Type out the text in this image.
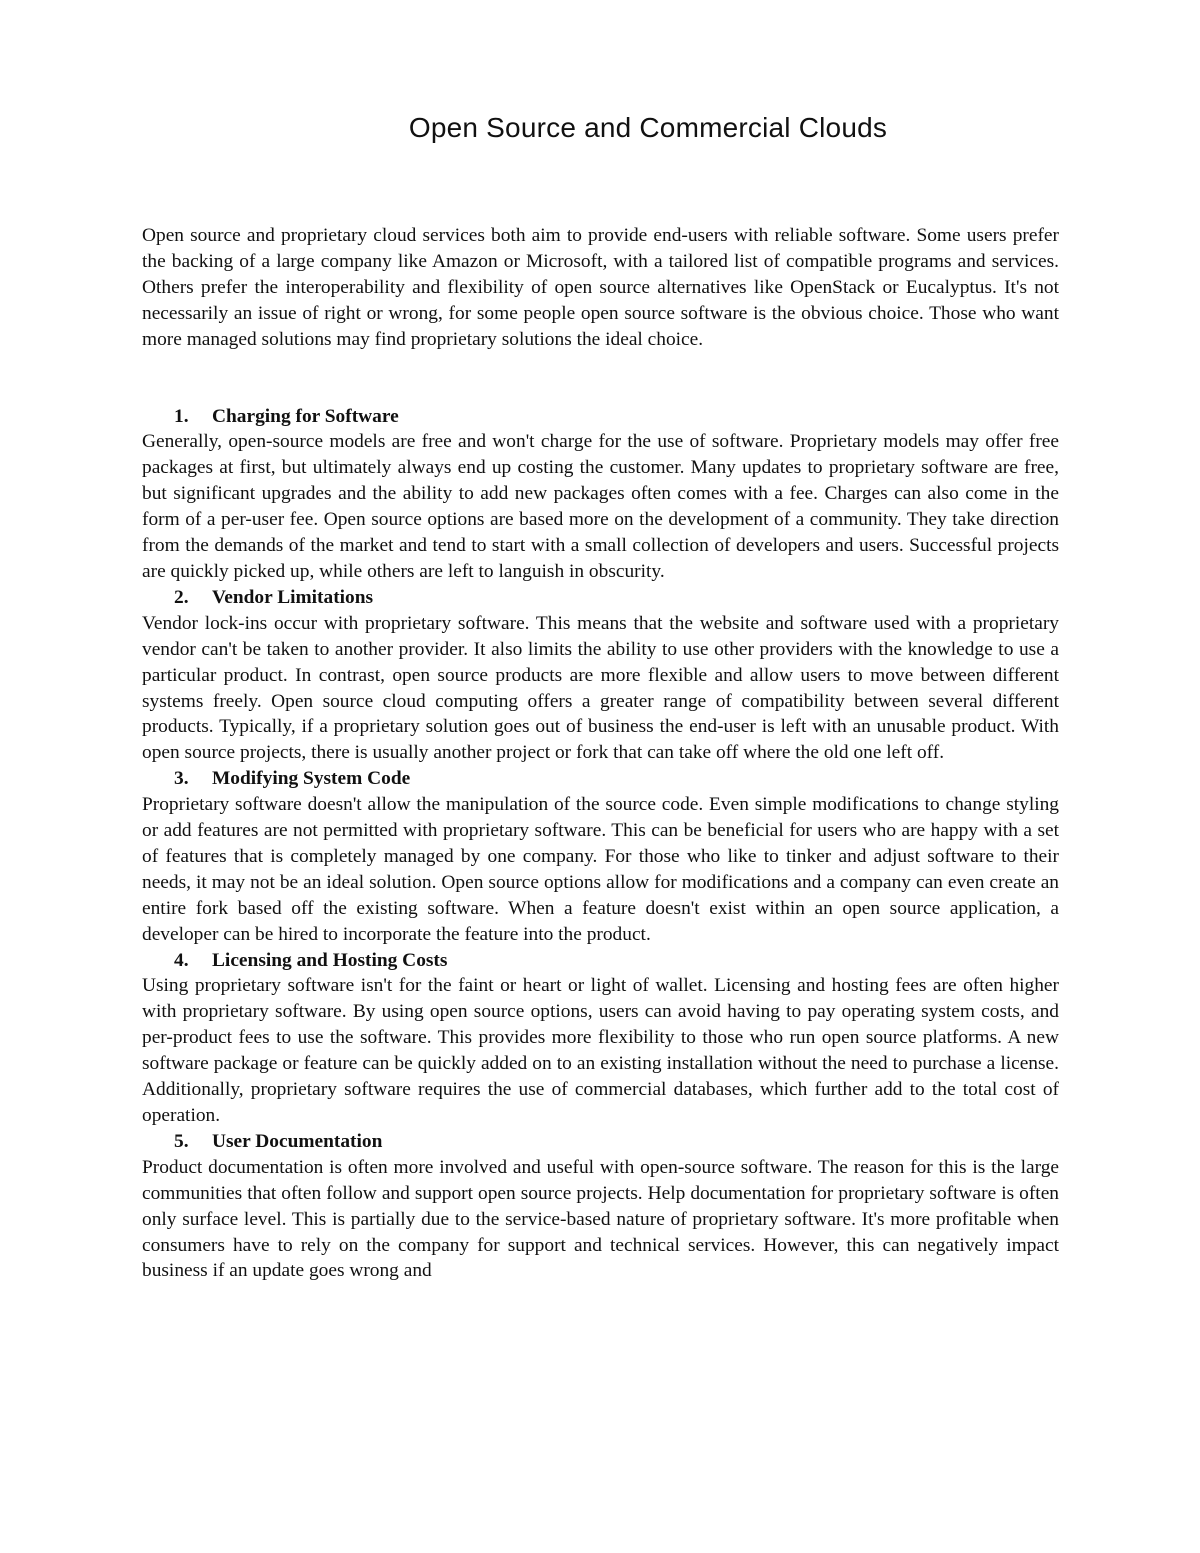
Open Source and Commercial Clouds

Open source and proprietary cloud services both aim to provide end-users with reliable software. Some users prefer the backing of a large company like Amazon or Microsoft, with a tailored list of compatible programs and services. Others prefer the interoperability and flexibility of open source alternatives like OpenStack or Eucalyptus. It's not necessarily an issue of right or wrong, for some people open source software is the obvious choice. Those who want more managed solutions may find proprietary solutions the ideal choice.

1.	Charging for Software

Generally, open-source models are free and won't charge for the use of software. Proprietary models may offer free packages at first, but ultimately always end up costing the customer. Many updates to proprietary software are free, but significant upgrades and the ability to add new packages often comes with a fee. Charges can also come in the form of a per-user fee. Open source options are based more on the development of a community. They take direction from the demands of the market and tend to start with a small collection of developers and users. Successful projects are quickly picked up, while others are left to languish in obscurity.

2.	Vendor Limitations

Vendor lock-ins occur with proprietary software. This means that the website and software used with a proprietary vendor can't be taken to another provider. It also limits the ability to use other providers with the knowledge to use a particular product. In contrast, open source products are more flexible and allow users to move between different systems freely. Open source cloud computing offers a greater range of compatibility between several different products. Typically, if a proprietary solution goes out of business the end-user is left with an unusable product. With open source projects, there is usually another project or fork that can take off where the old one left off.

3.	Modifying System Code

Proprietary software doesn't allow the manipulation of the source code. Even simple modifications to change styling or add features are not permitted with proprietary software. This can be beneficial for users who are happy with a set of features that is completely managed by one company. For those who like to tinker and adjust software to their needs, it may not be an ideal solution. Open source options allow for modifications and a company can even create an entire fork based off the existing software. When a feature doesn't exist within an open source application, a developer can be hired to incorporate the feature into the product.

4.	Licensing and Hosting Costs

Using proprietary software isn't for the faint or heart or light of wallet. Licensing and hosting fees are often higher with proprietary software. By using open source options, users can avoid having to pay operating system costs, and per-product fees to use the software. This provides more flexibility to those who run open source platforms. A new software package or feature can be quickly added on to an existing installation without the need to purchase a license. Additionally, proprietary software requires the use of commercial databases, which further add to the total cost of operation.

5.	User Documentation

Product documentation is often more involved and useful with open-source software. The reason for this is the large communities that often follow and support open source projects. Help documentation for proprietary software is often only surface level. This is partially due to the service-based nature of proprietary software. It's more profitable when consumers have to rely on the company for support and technical services. However, this can negatively impact business if an update goes wrong and
